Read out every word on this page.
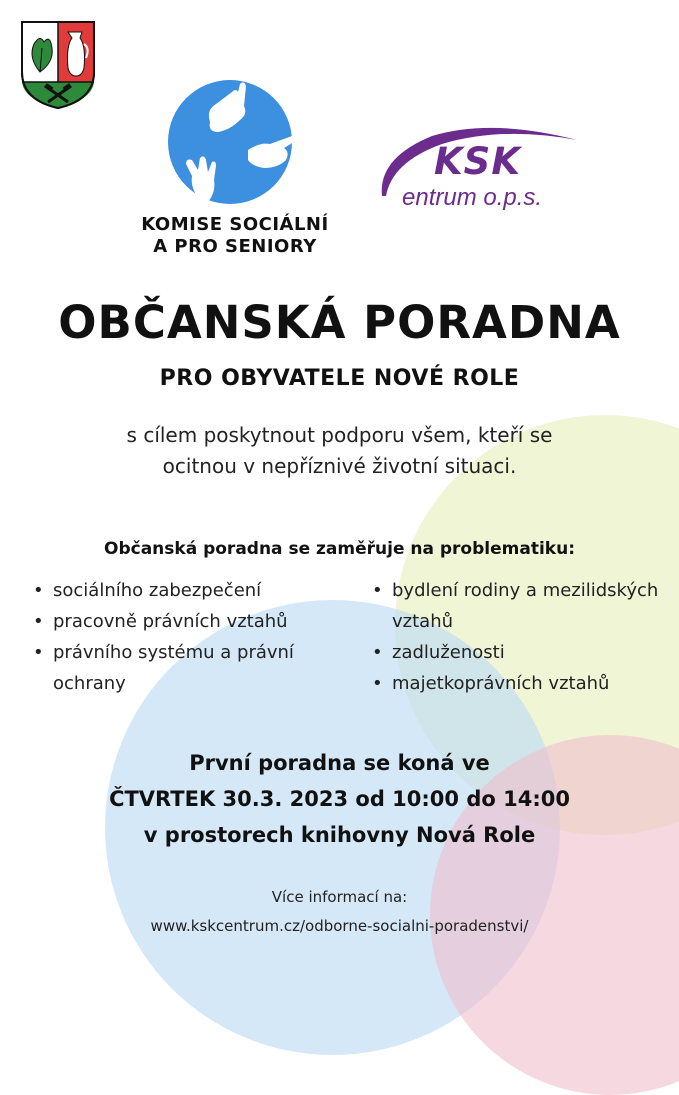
KOMISE SOCIÁLNÍ
A PRO SENIORY
KSK
entrum o.p.s.
OBČANSKÁ PORADNA
PRO OBYVATELE NOVÉ ROLE
s cílem poskytnout podporu všem, kteří se
ocitnou v nepříznivé životní situaci.
Občanská poradna se zaměřuje na problematiku:
• sociálního zabezpečení
• pracovně právních vztahů
• právního systému a právní ochrany
• bydlení rodiny a mezilidských vztahů
• zadluženosti
• majetkoprávních vztahů
První poradna se koná ve
ČTVRTEK 30.3. 2023 od 10:00 do 14:00
v prostorech knihovny Nová Role
Více informací na:
www.kskcentrum.cz/odborne-socialni-poradenstvi/
